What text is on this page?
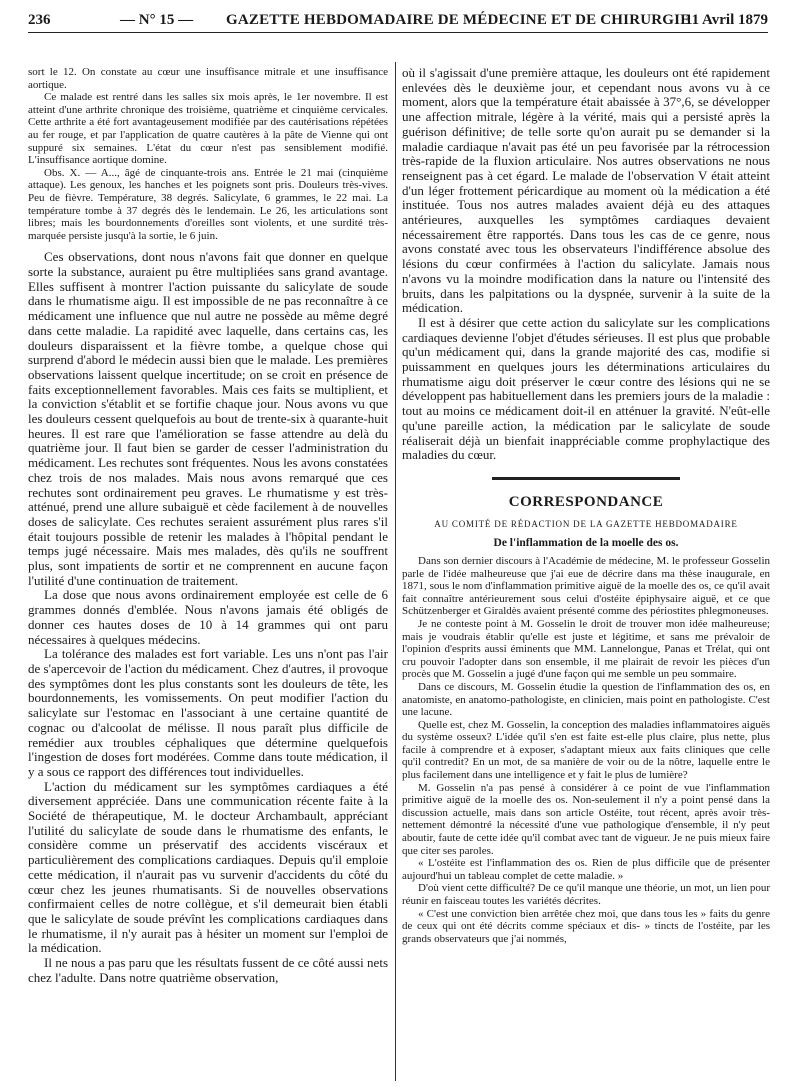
236	— N° 15 — GAZETTE HEBDOMADAIRE DE MÉDECINE ET DE CHIRURGIE
11 Avril 1879

sort le 12. On constate au cœur une insuffisance mitrale et une insuffisance aortique.

Ce malade est rentré dans les salles six mois après, le 1er novembre. Il est atteint d'une arthrite chronique des troisième, quatrième et cinquième cervicales. Cette arthrite a été fort avantageusement modifiée par des cautérisations répétées au fer rouge, et par l'application de quatre cautères à la pâte de Vienne qui ont suppuré six semaines. L'état du cœur n'est pas sensiblement modifié. L'insuffisance aortique domine.

Obs. X. — A..., âgé de cinquante-trois ans. Entrée le 21 mai (cinquième attaque). Les genoux, les hanches et les poignets sont pris. Douleurs très-vives. Peu de fièvre. Température, 38 degrés. Salicylate, 6 grammes, le 22 mai. La température tombe à 37 degrés dès le lendemain. Le 26, les articulations sont libres; mais les bourdonnements d'oreilles sont violents, et une surdité très-marquée persiste jusqu'à la sortie, le 6 juin.

Ces observations, dont nous n'avons fait que donner en quelque sorte la substance, auraient pu être multipliées sans grand avantage. Elles suffisent à montrer l'action puissante du salicylate de soude dans le rhumatisme aigu. Il est impossible de ne pas reconnaître à ce médicament une influence que nul autre ne possède au même degré dans cette maladie. La rapidité avec laquelle, dans certains cas, les douleurs disparaissent et la fièvre tombe, a quelque chose qui surprend d'abord le médecin aussi bien que le malade. Les premières observations laissent quelque incertitude; on se croit en présence de faits exceptionnellement favorables. Mais ces faits se multiplient, et la conviction s'établit et se fortifie chaque jour. Nous avons vu que les douleurs cessent quelquefois au bout de trente-six à quarante-huit heures. Il est rare que l'amélioration se fasse attendre au delà du quatrième jour. Il faut bien se garder de cesser l'administration du médicament. Les rechutes sont fréquentes. Nous les avons constatées chez trois de nos malades. Mais nous avons remarqué que ces rechutes sont ordinairement peu graves. Le rhumatisme y est très-atténué, prend une allure subaiguë et cède facilement à de nouvelles doses de salicylate. Ces rechutes seraient assurément plus rares s'il était toujours possible de retenir les malades à l'hôpital pendant le temps jugé nécessaire. Mais mes malades, dès qu'ils ne souffrent plus, sont impatients de sortir et ne comprennent en aucune façon l'utilité d'une continuation de traitement.

La dose que nous avons ordinairement employée est celle de 6 grammes donnés d'emblée. Nous n'avons jamais été obligés de donner ces hautes doses de 10 à 14 grammes qui ont paru nécessaires à quelques médecins.

La tolérance des malades est fort variable. Les uns n'ont pas l'air de s'apercevoir de l'action du médicament. Chez d'autres, il provoque des symptômes dont les plus constants sont les douleurs de tête, les bourdonnements, les vomissements. On peut modifier l'action du salicylate sur l'estomac en l'associant à une certaine quantité de cognac ou d'alcoolat de mélisse. Il nous paraît plus difficile de remédier aux troubles céphaliques que détermine quelquefois l'ingestion de doses fort modérées. Comme dans toute médication, il y a sous ce rapport des différences tout individuelles.

L'action du médicament sur les symptômes cardiaques a été diversement appréciée. Dans une communication récente faite à la Société de thérapeutique, M. le docteur Archambault, appréciant l'utilité du salicylate de soude dans le rhumatisme des enfants, le considère comme un préservatif des accidents viscéraux et particulièrement des complications cardiaques. Depuis qu'il emploie cette médication, il n'aurait pas vu survenir d'accidents du côté du cœur chez les jeunes rhumatisants. Si de nouvelles observations confirmaient celles de notre collègue, et s'il demeurait bien établi que le salicylate de soude prévînt les complications cardiaques dans le rhumatisme, il n'y aurait pas à hésiter un moment sur l'emploi de la médication.

Il ne nous a pas paru que les résultats fussent de ce côté aussi nets chez l'adulte. Dans notre quatrième observation,

où il s'agissait d'une première attaque, les douleurs ont été rapidement enlevées dès le deuxième jour, et cependant nous avons vu à ce moment, alors que la température était abaissée à 37°,6, se développer une affection mitrale, légère à la vérité, mais qui a persisté après la guérison définitive; de telle sorte qu'on aurait pu se demander si la maladie cardiaque n'avait pas été un peu favorisée par la rétrocession très-rapide de la fluxion articulaire. Nos autres observations ne nous renseignent pas à cet égard. Le malade de l'observation V était atteint d'un léger frottement péricardique au moment où la médication a été instituée. Tous nos autres malades avaient déjà eu des attaques antérieures, auxquelles les symptômes cardiaques devaient nécessairement être rapportés. Dans tous les cas de ce genre, nous avons constaté avec tous les observateurs l'indifférence absolue des lésions du cœur confirmées à l'action du salicylate. Jamais nous n'avons vu la moindre modification dans la nature ou l'intensité des bruits, dans les palpitations ou la dyspnée, survenir à la suite de la médication.

Il est à désirer que cette action du salicylate sur les complications cardiaques devienne l'objet d'études sérieuses. Il est plus que probable qu'un médicament qui, dans la grande majorité des cas, modifie si puissamment en quelques jours les déterminations articulaires du rhumatisme aigu doit préserver le cœur contre des lésions qui ne se développent pas habituellement dans les premiers jours de la maladie : tout au moins ce médicament doit-il en atténuer la gravité. N'eût-elle qu'une pareille action, la médication par le salicylate de soude réaliserait déjà un bienfait inappréciable comme prophylactique des maladies du cœur.

CORRESPONDANCE

AU COMITÉ DE RÉDACTION DE LA GAZETTE HEBDOMADAIRE

De l'inflammation de la moelle des os.

Dans son dernier discours à l'Académie de médecine, M. le professeur Gosselin parle de l'idée malheureuse que j'ai eue de décrire dans ma thèse inaugurale, en 1871, sous le nom d'inflammation primitive aiguë de la moelle des os, ce qu'il avait fait connaître antérieurement sous celui d'ostéite épiphysaire aiguë, et ce que Schützenberger et Giraldès avaient présenté comme des périostites phlegmoneuses.

Je ne conteste point à M. Gosselin le droit de trouver mon idée malheureuse; mais je voudrais établir qu'elle est juste et légitime, et sans me prévaloir de l'opinion d'esprits aussi éminents que MM. Lannelongue, Panas et Trélat, qui ont cru pouvoir l'adopter dans son ensemble, il me plairait de revoir les pièces d'un procès que M. Gosselin a jugé d'une façon qui me semble un peu sommaire.

Dans ce discours, M. Gosselin étudie la question de l'inflammation des os, en anatomiste, en anatomo-pathologiste, en clinicien, mais point en pathologiste. C'est une lacune.

Quelle est, chez M. Gosselin, la conception des maladies inflammatoires aiguës du système osseux? L'idée qu'il s'en est faite est-elle plus claire, plus nette, plus facile à comprendre et à exposer, s'adaptant mieux aux faits cliniques que celle qu'il contredit? En un mot, de sa manière de voir ou de la nôtre, laquelle entre le plus facilement dans une intelligence et y fait le plus de lumière?

M. Gosselin n'a pas pensé à considérer à ce point de vue l'inflammation primitive aiguë de la moelle des os. Non-seulement il n'y a point pensé dans la discussion actuelle, mais dans son article Ostéite, tout récent, après avoir très-nettement démontré la nécessité d'une vue pathologique d'ensemble, il n'y peut aboutir, faute de cette idée qu'il combat avec tant de vigueur. Je ne puis mieux faire que citer ses paroles.

« L'ostéite est l'inflammation des os. Rien de plus difficile que de présenter aujourd'hui un tableau complet de cette maladie. »

D'où vient cette difficulté? De ce qu'il manque une théorie, un mot, un lien pour réunir en faisceau toutes les variétés décrites.

« C'est une conviction bien arrêtée chez moi, que dans tous les » faits du genre de ceux qui ont été décrits comme spéciaux et dis- » tincts de l'ostéite, par les grands observateurs que j'ai nommés,
